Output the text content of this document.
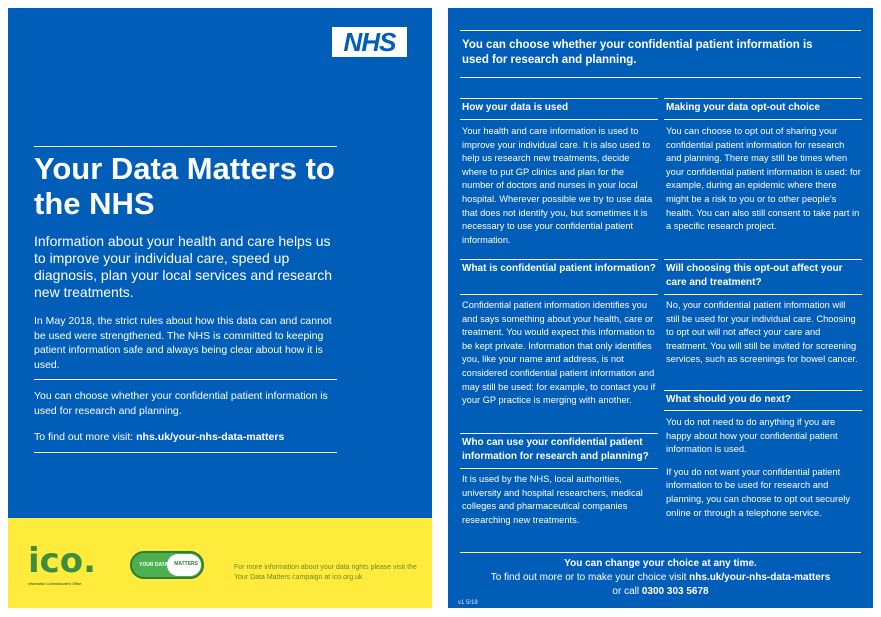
NHS
Your Data Matters to the NHS
Information about your health and care helps us to improve your individual care, speed up diagnosis, plan your local services and research new treatments.
In May 2018, the strict rules about how this data can and cannot be used were strengthened. The NHS is committed to keeping patient information safe and always being clear about how it is used.
You can choose whether your confidential patient information is used for research and planning.
To find out more visit: nhs.uk/your-nhs-data-matters
ico.
Information Commissioner's Office
YOUR DATA MATTERS	For more information about your data rights please visit the Your Data Matters campaign at ico.org.uk
You can choose whether your confidential patient information is used for research and planning.
How your data is used
Your health and care information is used to improve your individual care. It is also used to help us research new treatments, decide where to put GP clinics and plan for the number of doctors and nurses in your local hospital. Wherever possible we try to use data that does not identify you, but sometimes it is necessary to use your confidential patient information.
What is confidential patient information?
Confidential patient information identifies you and says something about your health, care or treatment. You would expect this information to be kept private. Information that only identifies you, like your name and address, is not considered confidential patient information and may still be used: for example, to contact you if your GP practice is merging with another.
Who can use your confidential patient information for research and planning?
It is used by the NHS, local authorities, university and hospital researchers, medical colleges and pharmaceutical companies researching new treatments.
Making your data opt-out choice
You can choose to opt out of sharing your confidential patient information for research and planning. There may still be times when your confidential patient information is used: for example, during an epidemic where there might be a risk to you or to other people's health. You can also still consent to take part in a specific research project.
Will choosing this opt-out affect your care and treatment?
No, your confidential patient information will still be used for your individual care. Choosing to opt out will not affect your care and treatment. You will still be invited for screening services, such as screenings for bowel cancer.
What should you do next?
You do not need to do anything if you are happy about how your confidential patient information is used.
If you do not want your confidential patient information to be used for research and planning, you can choose to opt out securely online or through a telephone service.
You can change your choice at any time.
To find out more or to make your choice visit nhs.uk/your-nhs-data-matters
or call 0300 303 5678
v1 5/18
